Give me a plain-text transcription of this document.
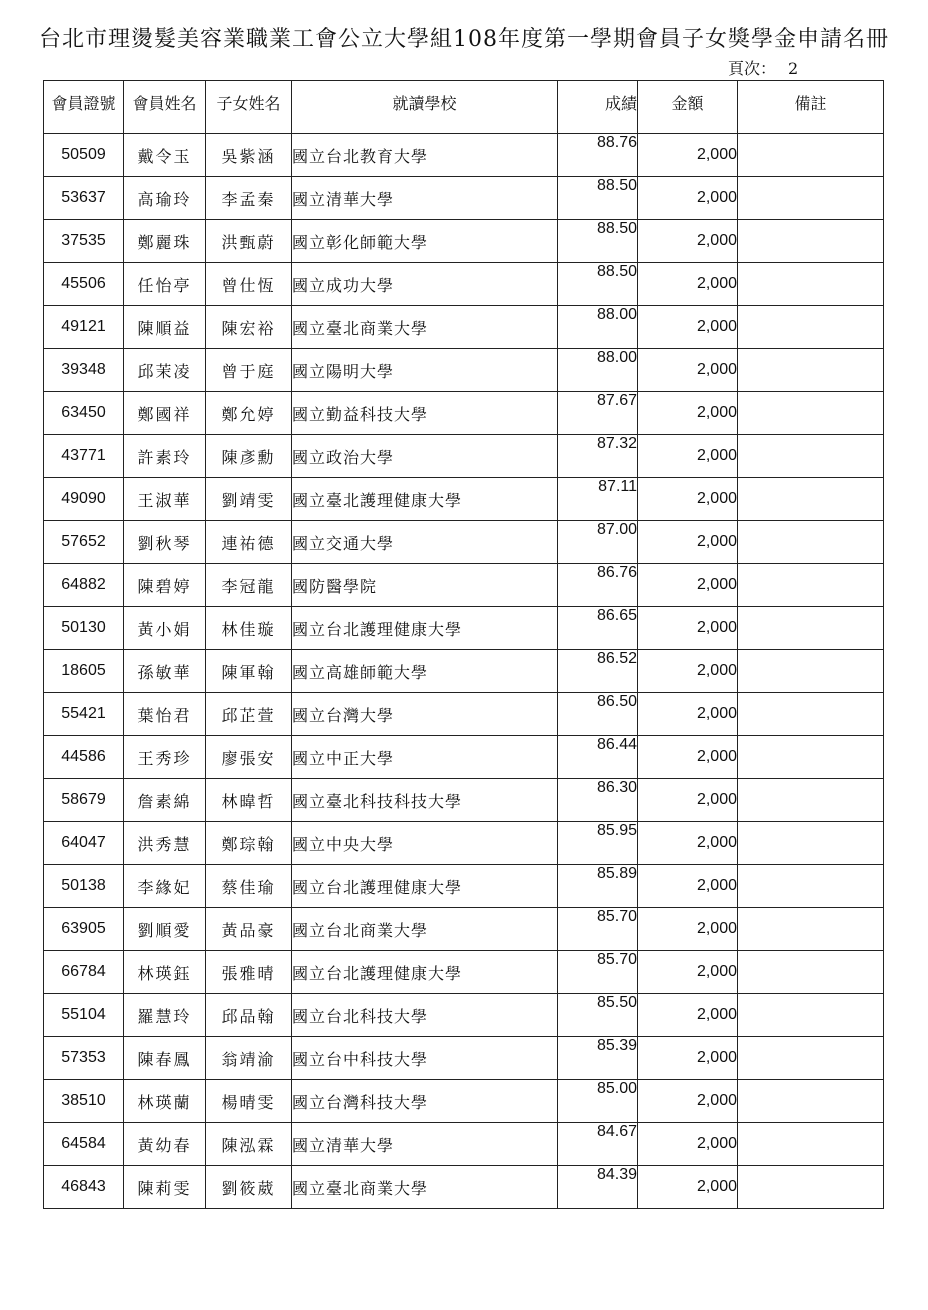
台北市理燙髮美容業職業工會公立大學組108年度第一學期會員子女獎學金申請名冊
頁次： 2
會員證號	會員姓名	子女姓名	就讀學校	成績	金額	備註
50509	戴令玉	吳紫涵	國立台北教育大學	88.76	2,000	
53637	高瑜玲	李孟秦	國立清華大學	88.50	2,000	
37535	鄭麗珠	洪甄蔚	國立彰化師範大學	88.50	2,000	
45506	任怡亭	曾仕恆	國立成功大學	88.50	2,000	
49121	陳順益	陳宏裕	國立臺北商業大學	88.00	2,000	
39348	邱茉凌	曾于庭	國立陽明大學	88.00	2,000	
63450	鄭國祥	鄭允婷	國立勤益科技大學	87.67	2,000	
43771	許素玲	陳彥勳	國立政治大學	87.32	2,000	
49090	王淑華	劉靖雯	國立臺北護理健康大學	87.11	2,000	
57652	劉秋琴	連祐德	國立交通大學	87.00	2,000	
64882	陳碧婷	李冠龍	國防醫學院	86.76	2,000	
50130	黃小娟	林佳璇	國立台北護理健康大學	86.65	2,000	
18605	孫敏華	陳軍翰	國立高雄師範大學	86.52	2,000	
55421	葉怡君	邱芷萱	國立台灣大學	86.50	2,000	
44586	王秀珍	廖張安	國立中正大學	86.44	2,000	
58679	詹素綿	林暐哲	國立臺北科技科技大學	86.30	2,000	
64047	洪秀慧	鄭琮翰	國立中央大學	85.95	2,000	
50138	李緣妃	蔡佳瑜	國立台北護理健康大學	85.89	2,000	
63905	劉順愛	黃品豪	國立台北商業大學	85.70	2,000	
66784	林瑛鈺	張雅晴	國立台北護理健康大學	85.70	2,000	
55104	羅慧玲	邱品翰	國立台北科技大學	85.50	2,000	
57353	陳春鳳	翁靖渝	國立台中科技大學	85.39	2,000	
38510	林瑛蘭	楊晴雯	國立台灣科技大學	85.00	2,000	
64584	黃幼春	陳泓霖	國立清華大學	84.67	2,000	
46843	陳莉雯	劉筱葳	國立臺北商業大學	84.39	2,000	
